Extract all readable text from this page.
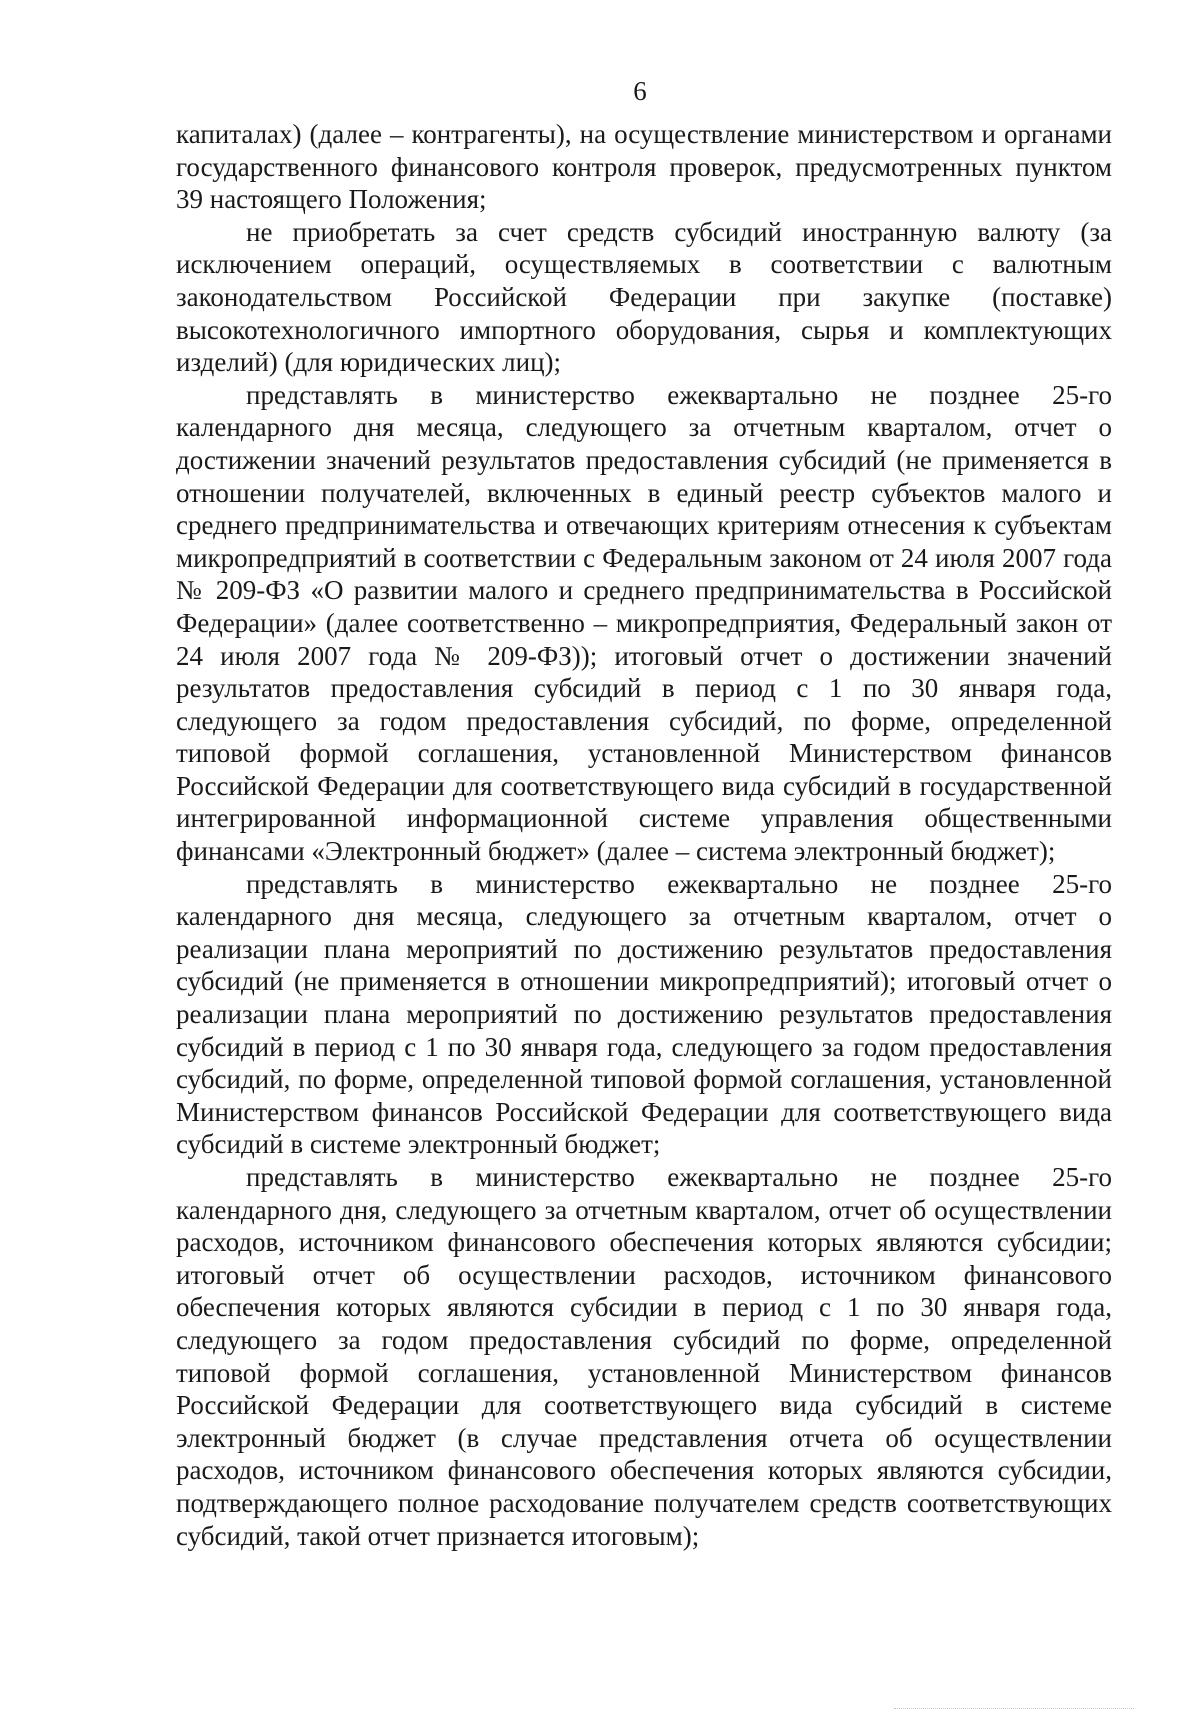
6

капиталах) (далее – контрагенты), на осуществление министерством и органами государственного финансового контроля проверок, предусмотренных пунктом 39 настоящего Положения;

не приобретать за счет средств субсидий иностранную валюту (за исключением операций, осуществляемых в соответствии с валютным законодательством Российской Федерации при закупке (поставке) высокотехнологичного импортного оборудования, сырья и комплектующих изделий) (для юридических лиц);

представлять в министерство ежеквартально не позднее 25-го календарного дня месяца, следующего за отчетным кварталом, отчет о достижении значений результатов предоставления субсидий (не применяется в отношении получателей, включенных в единый реестр субъектов малого и среднего предпринимательства и отвечающих критериям отнесения к субъектам микропредприятий в соответствии с Федеральным законом от 24 июля 2007 года № 209-ФЗ «О развитии малого и среднего предпринимательства в Российской Федерации» (далее соответственно – микропредприятия, Федеральный закон от 24 июля 2007 года № 209-ФЗ)); итоговый отчет о достижении значений результатов предоставления субсидий в период с 1 по 30 января года, следующего за годом предоставления субсидий, по форме, определенной типовой формой соглашения, установленной Министерством финансов Российской Федерации для соответствующего вида субсидий в государственной интегрированной информационной системе управления общественными финансами «Электронный бюджет» (далее – система электронный бюджет);

представлять в министерство ежеквартально не позднее 25-го календарного дня месяца, следующего за отчетным кварталом, отчет о реализации плана мероприятий по достижению результатов предоставления субсидий (не применяется в отношении микропредприятий); итоговый отчет о реализации плана мероприятий по достижению результатов предоставления субсидий в период с 1 по 30 января года, следующего за годом предоставления субсидий, по форме, определенной типовой формой соглашения, установленной Министерством финансов Российской Федерации для соответствующего вида субсидий в системе электронный бюджет;

представлять в министерство ежеквартально не позднее 25-го календарного дня, следующего за отчетным кварталом, отчет об осуществлении расходов, источником финансового обеспечения которых являются субсидии; итоговый отчет об осуществлении расходов, источником финансового обеспечения которых являются субсидии в период с 1 по 30 января года, следующего за годом предоставления субсидий по форме, определенной типовой формой соглашения, установленной Министерством финансов Российской Федерации для соответствующего вида субсидий в системе электронный бюджет (в случае представления отчета об осуществлении расходов, источником финансового обеспечения которых являются субсидии, подтверждающего полное расходование получателем средств соответствующих субсидий, такой отчет признается итоговым);
